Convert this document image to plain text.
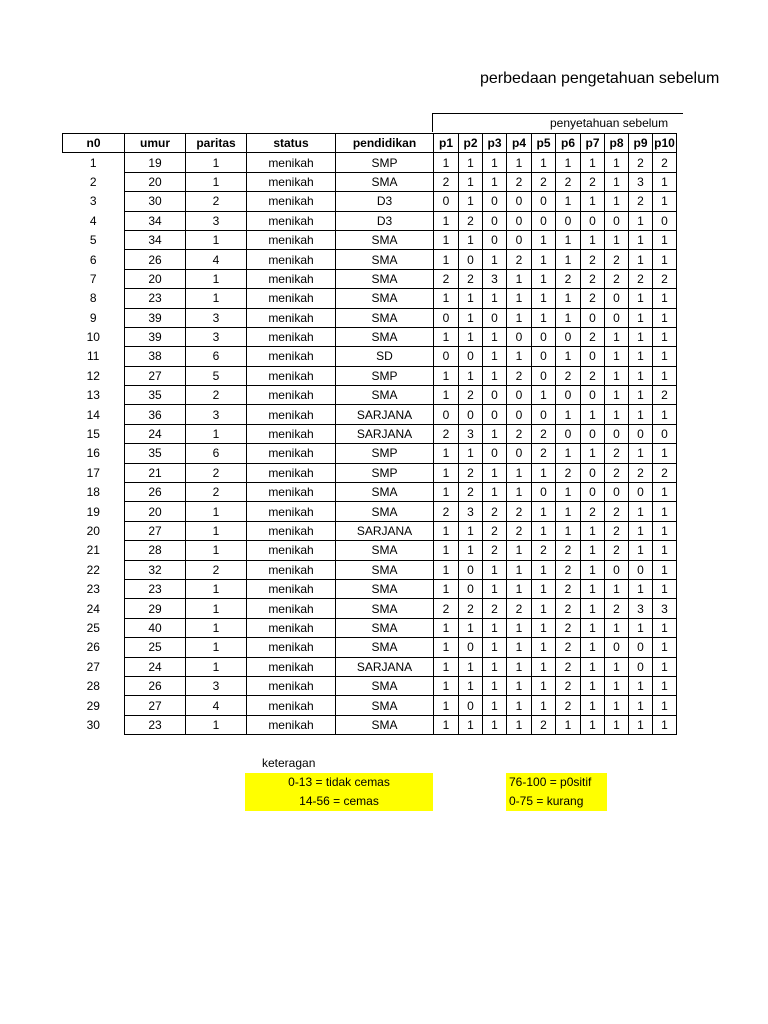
perbedaan pengetahuan sebelum
penyetahuan sebelum
n0	umur	paritas	status	pendidikan	p1	p2	p3	p4	p5	p6	p7	p8	p9	p10
1	19	1	menikah	SMP	1	1	1	1	1	1	1	1	2	2
2	20	1	menikah	SMA	2	1	1	2	2	2	2	1	3	1
3	30	2	menikah	D3	0	1	0	0	0	1	1	1	2	1
4	34	3	menikah	D3	1	2	0	0	0	0	0	0	1	0
5	34	1	menikah	SMA	1	1	0	0	1	1	1	1	1	1
6	26	4	menikah	SMA	1	0	1	2	1	1	2	2	1	1
7	20	1	menikah	SMA	2	2	3	1	1	2	2	2	2	2
8	23	1	menikah	SMA	1	1	1	1	1	1	2	0	1	1
9	39	3	menikah	SMA	0	1	0	1	1	1	0	0	1	1
10	39	3	menikah	SMA	1	1	1	0	0	0	2	1	1	1
11	38	6	menikah	SD	0	0	1	1	0	1	0	1	1	1
12	27	5	menikah	SMP	1	1	1	2	0	2	2	1	1	1
13	35	2	menikah	SMA	1	2	0	0	1	0	0	1	1	2
14	36	3	menikah	SARJANA	0	0	0	0	0	1	1	1	1	1
15	24	1	menikah	SARJANA	2	3	1	2	2	0	0	0	0	0
16	35	6	menikah	SMP	1	1	0	0	2	1	1	2	1	1
17	21	2	menikah	SMP	1	2	1	1	1	2	0	2	2	2
18	26	2	menikah	SMA	1	2	1	1	0	1	0	0	0	1
19	20	1	menikah	SMA	2	3	2	2	1	1	2	2	1	1
20	27	1	menikah	SARJANA	1	1	2	2	1	1	1	2	1	1
21	28	1	menikah	SMA	1	1	2	1	2	2	1	2	1	1
22	32	2	menikah	SMA	1	0	1	1	1	2	1	0	0	1
23	23	1	menikah	SMA	1	0	1	1	1	2	1	1	1	1
24	29	1	menikah	SMA	2	2	2	2	1	2	1	2	3	3
25	40	1	menikah	SMA	1	1	1	1	1	2	1	1	1	1
26	25	1	menikah	SMA	1	0	1	1	1	2	1	0	0	1
27	24	1	menikah	SARJANA	1	1	1	1	1	2	1	1	0	1
28	26	3	menikah	SMA	1	1	1	1	1	2	1	1	1	1
29	27	4	menikah	SMA	1	0	1	1	1	2	1	1	1	1
30	23	1	menikah	SMA	1	1	1	1	2	1	1	1	1	1
keteragan
0-13 = tidak cemas
14-56 = cemas
76-100 = p0sitif
0-75 = kurang
